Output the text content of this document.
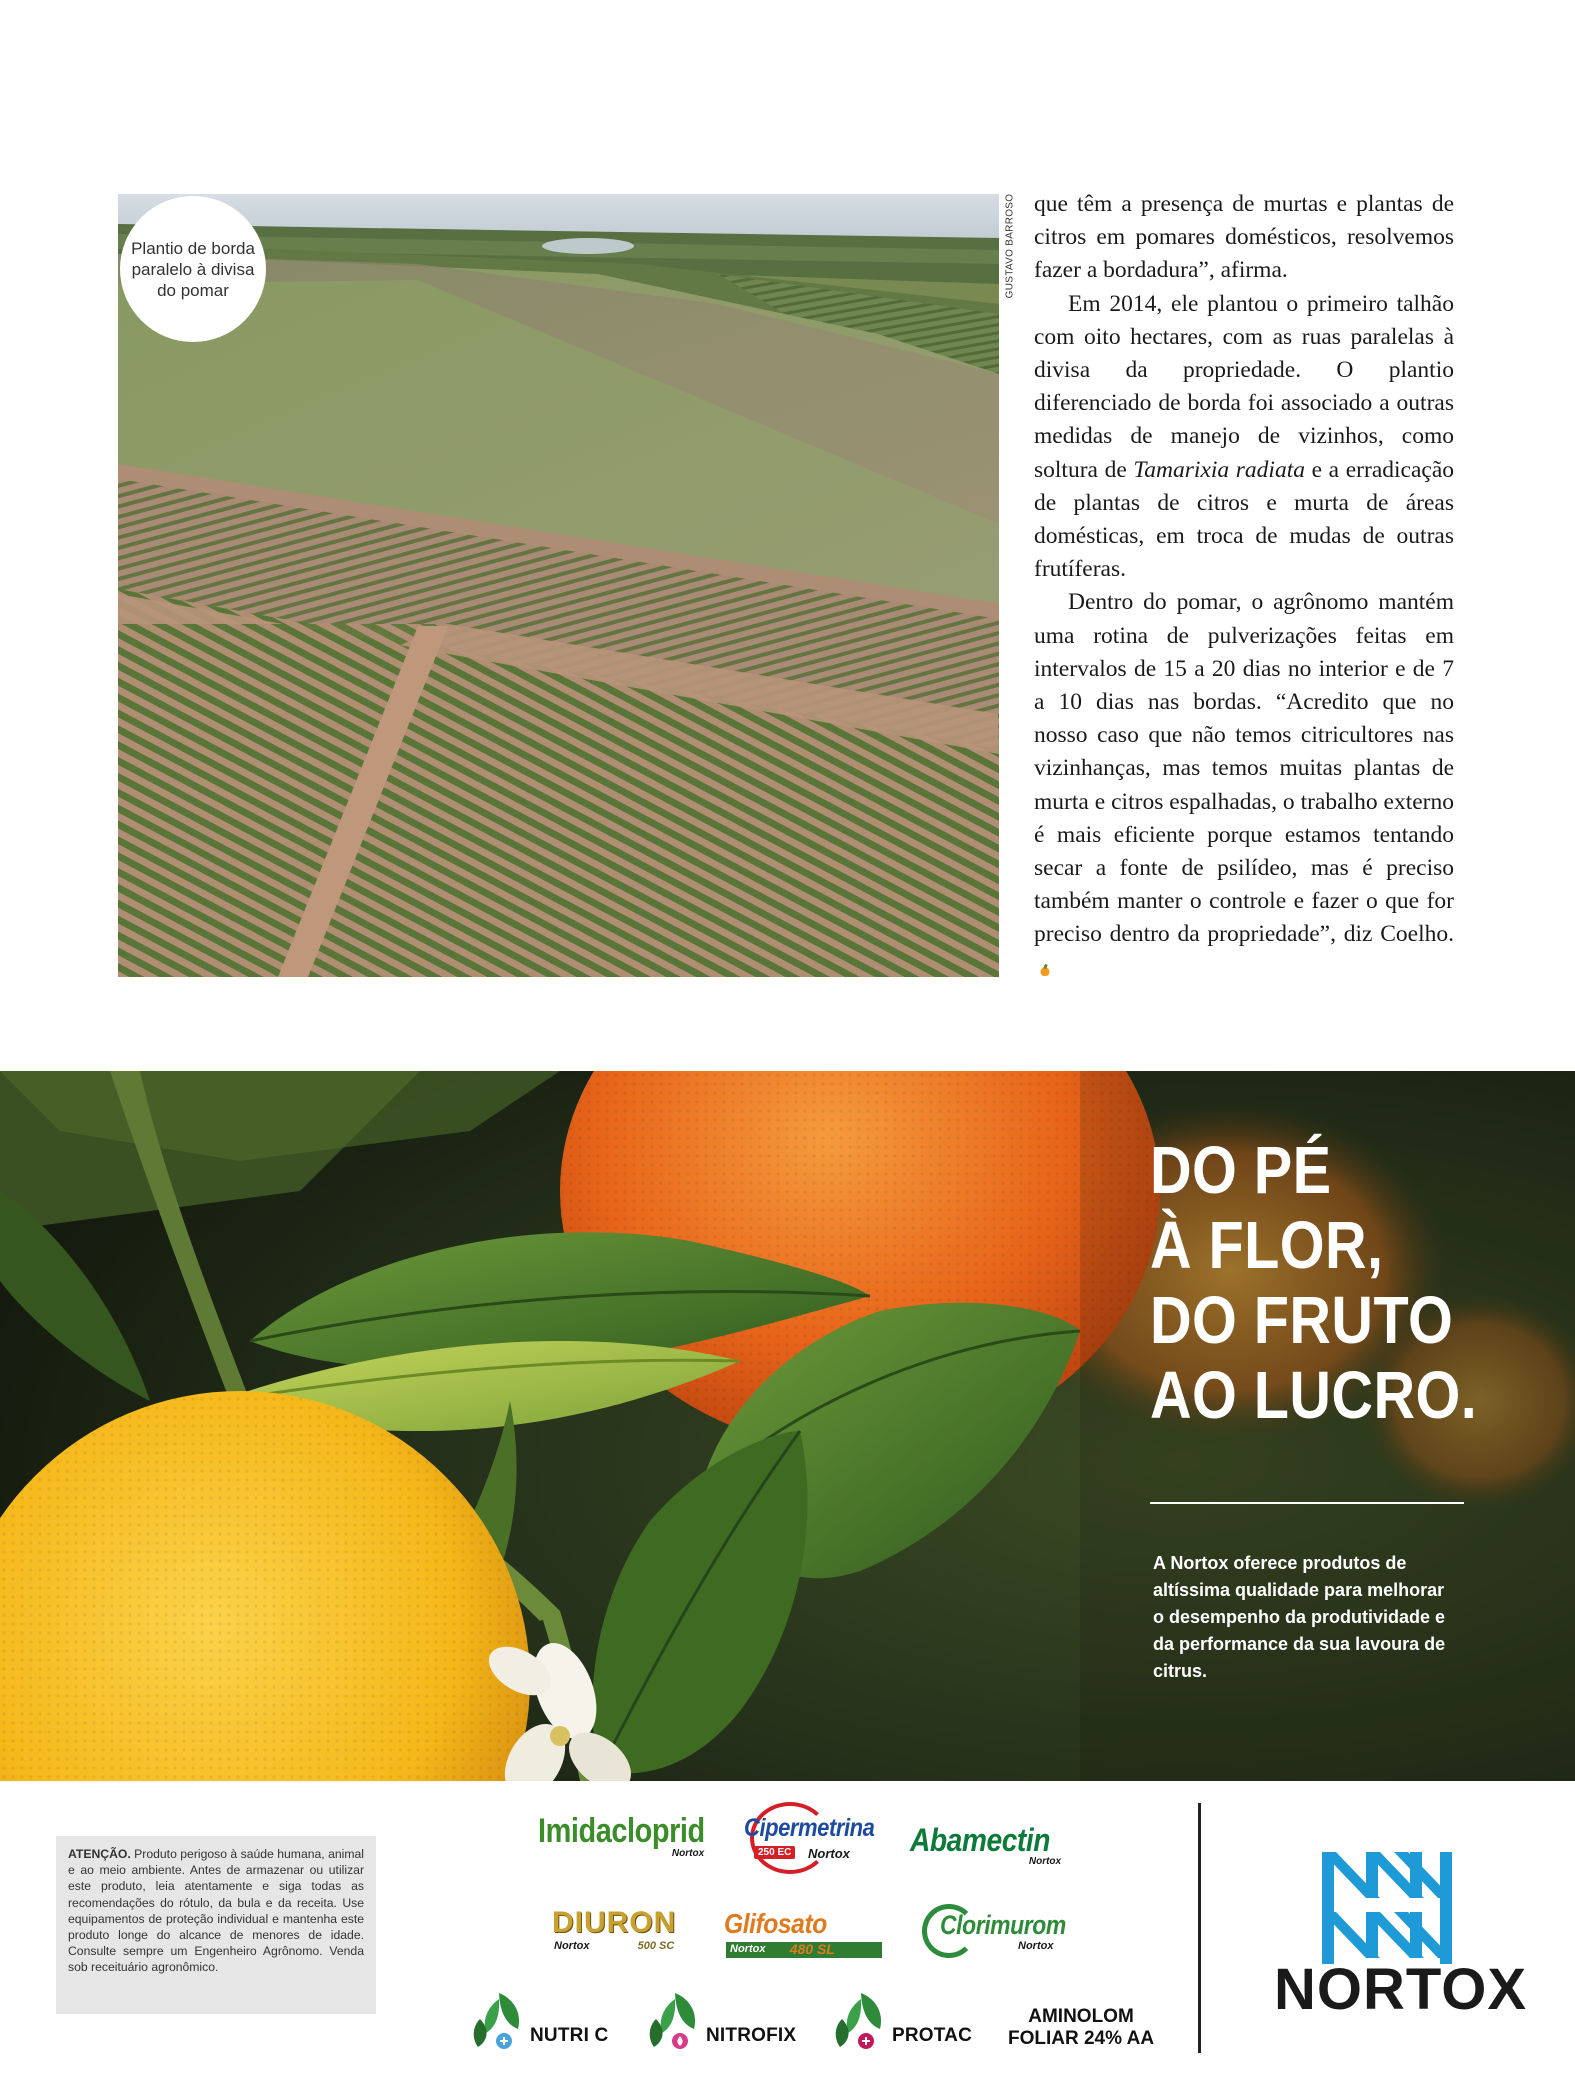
Plantio de borda paralelo à divisa do pomar	GUSTAVO BARROSO que têm a presença de murtas e plantas de citros em pomares domésticos, resolvemos fazer a bordadura”, afirma.

Em 2014, ele plantou o primeiro talhão com oito hectares, com as ruas paralelas à divisa da propriedade. O plantio diferenciado de borda foi associado a outras medidas de manejo de vizinhos, como soltura de Tamarixia radiata e a erradicação de plantas de citros e murta de áreas domésticas, em troca de mudas de outras frutíferas.

Dentro do pomar, o agrônomo mantém uma rotina de pulverizações feitas em intervalos de 15 a 20 dias no interior e de 7 a 10 dias nas bordas. “Acredito que no nosso caso que não temos citricultores nas vizinhanças, mas temos muitas plantas de murta e citros espalhadas, o trabalho externo é mais eficiente porque estamos tentando secar a fonte de psilídeo, mas é preciso também manter o controle e fazer o que for preciso dentro da propriedade”, diz Coelho.

DO PÉ
À FLOR,
DO FRUTO
AO LUCRO.
A Nortox oferece produtos de altíssima qualidade para melhorar o desempenho da produtividade e da performance da sua lavoura de citrus.
ATENÇÃO. Produto perigoso à saúde humana, animal e ao meio ambiente. Antes de armazenar ou utilizar este produto, leia atentamente e siga todas as recomendações do rótulo, da bula e da receita. Use equipamentos de proteção individual e mantenha este produto longe do alcance de menores de idade. Consulte sempre um Engenheiro Agrônomo. Venda sob receituário agronômico.
Imidacloprid
Nortox
Cipermetrina
250 EC	Nortox Abamectin
Nortox
DIURON
Nortox	500 SC
Glifosato
Nortox 480 SL
Clorimurom
Nortox
NUTRI C	NITROFIX	PROTAC
AMINOLOM
FOLIAR 24% AA
NORTOX
